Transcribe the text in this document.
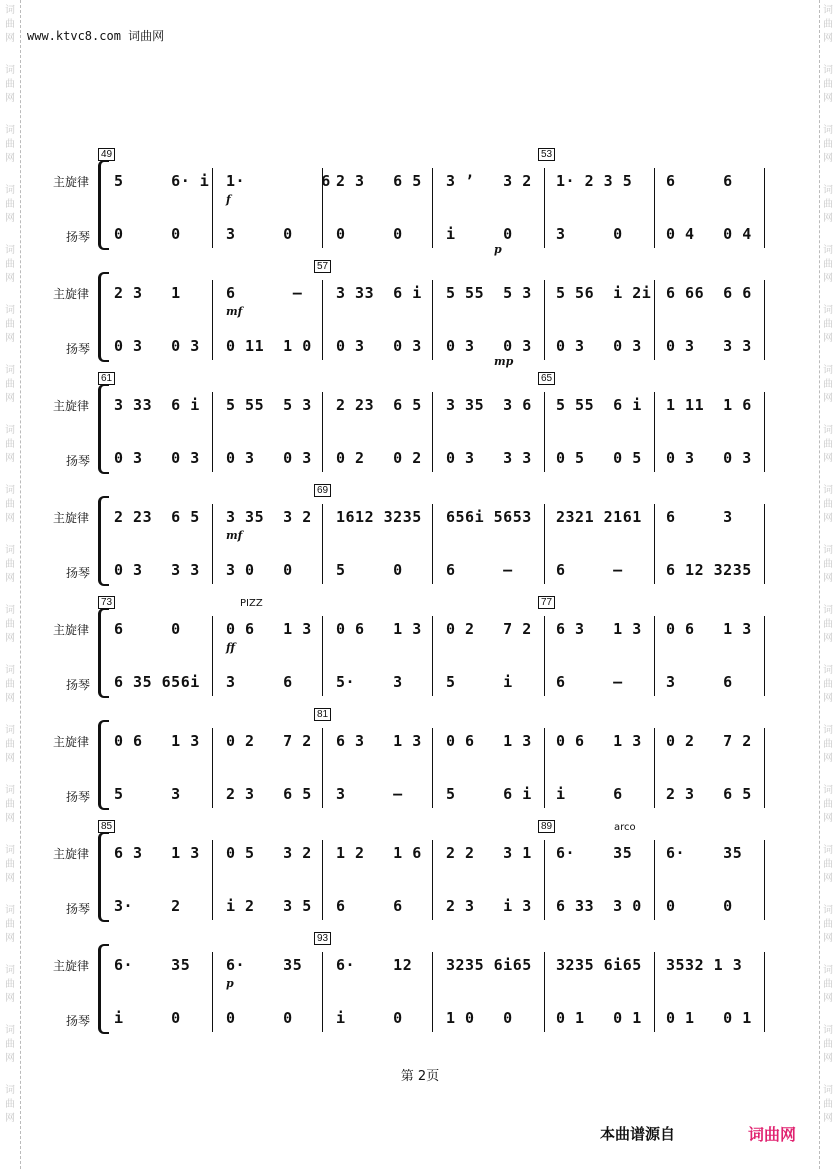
词
曲
网
词
曲
网
词
曲
网
词
曲
网
词
曲
网
词
曲
网
词
曲
网
词
曲
网
词
曲
网
词
曲
网
词
曲
网
词
曲
网
词
曲
网
词
曲
网
词
曲
网
词
曲
网
词
曲
网
词
曲
网
词
曲
网
词
曲
网
词
曲
网
词
曲
网
词
曲
网
词
曲
网
词
曲
网
词
曲
网
词
曲
网
词
曲
网
词
曲
网
词
曲
网
词
曲
网
词
曲
网
词
曲
网
词
曲
网
词
曲
网
词
曲
网
词
曲
网
词
曲
网
www.ktvc8.com 词曲网
主旋律
扬琴
49	53
5     6· i 1·        6 2 3   6 5 3 ’   3 2 1· 2 3 5 6     6
0     0	3     0	0     0	i     0	3     0	0 4   0 4
f
p
主旋律
扬琴
57
2 3   1	6      — 3 33  6 i 5 55  5 3 5 56  i 2i 6 66  6 6
0 3   0 3 0 11  1 0 0 3   0 3 0 3   0 3 0 3   0 3 0 3   3 3
mf
mp
主旋律
扬琴
61	65
3 33  6 i 5 55  5 3 2 23  6 5 3 35  3 6 5 55  6 i 1 11  1 6
0 3   0 3 0 3   0 3 0 2   0 2 0 3   3 3 0 5   0 5 0 3   0 3
主旋律
扬琴
69
2 23  6 5 3 35  3 2 1612 3235 656i 5653 2321 2161 6     3
0 3   3 3 3 0   0	5     0	6     —	6     —	6 12 3235
mf
主旋律
扬琴
73	77
6     0	0 6   1 3 0 6   1 3 0 2   7 2 6 3   1 3 0 6   1 3
6 35 656i 3     6	5·    3	5     i	6     —	3     6
ff
PIZZ
主旋律
扬琴
81
0 6   1 3 0 2   7 2 6 3   1 3 0 6   1 3 0 6   1 3 0 2   7 2
5     3	2 3   6 5 3     —	5     6 i i     6	2 3   6 5
主旋律
扬琴
85	89
6 3   1 3 0 5   3 2 1 2   1 6 2 2   3 1 6·    35 6·    35
3·    2	i 2   3 5 6     6	2 3   i 3 6 33  3 0 0     0
arco
主旋律
扬琴
93
6·    35 6·    35 6·    12 3235 6i65 3235 6i65 3532 1 3
i     0	0     0	i     0	1 0   0	0 1   0 1 0 1   0 1
p
第 2页
本曲谱源自	词曲网
